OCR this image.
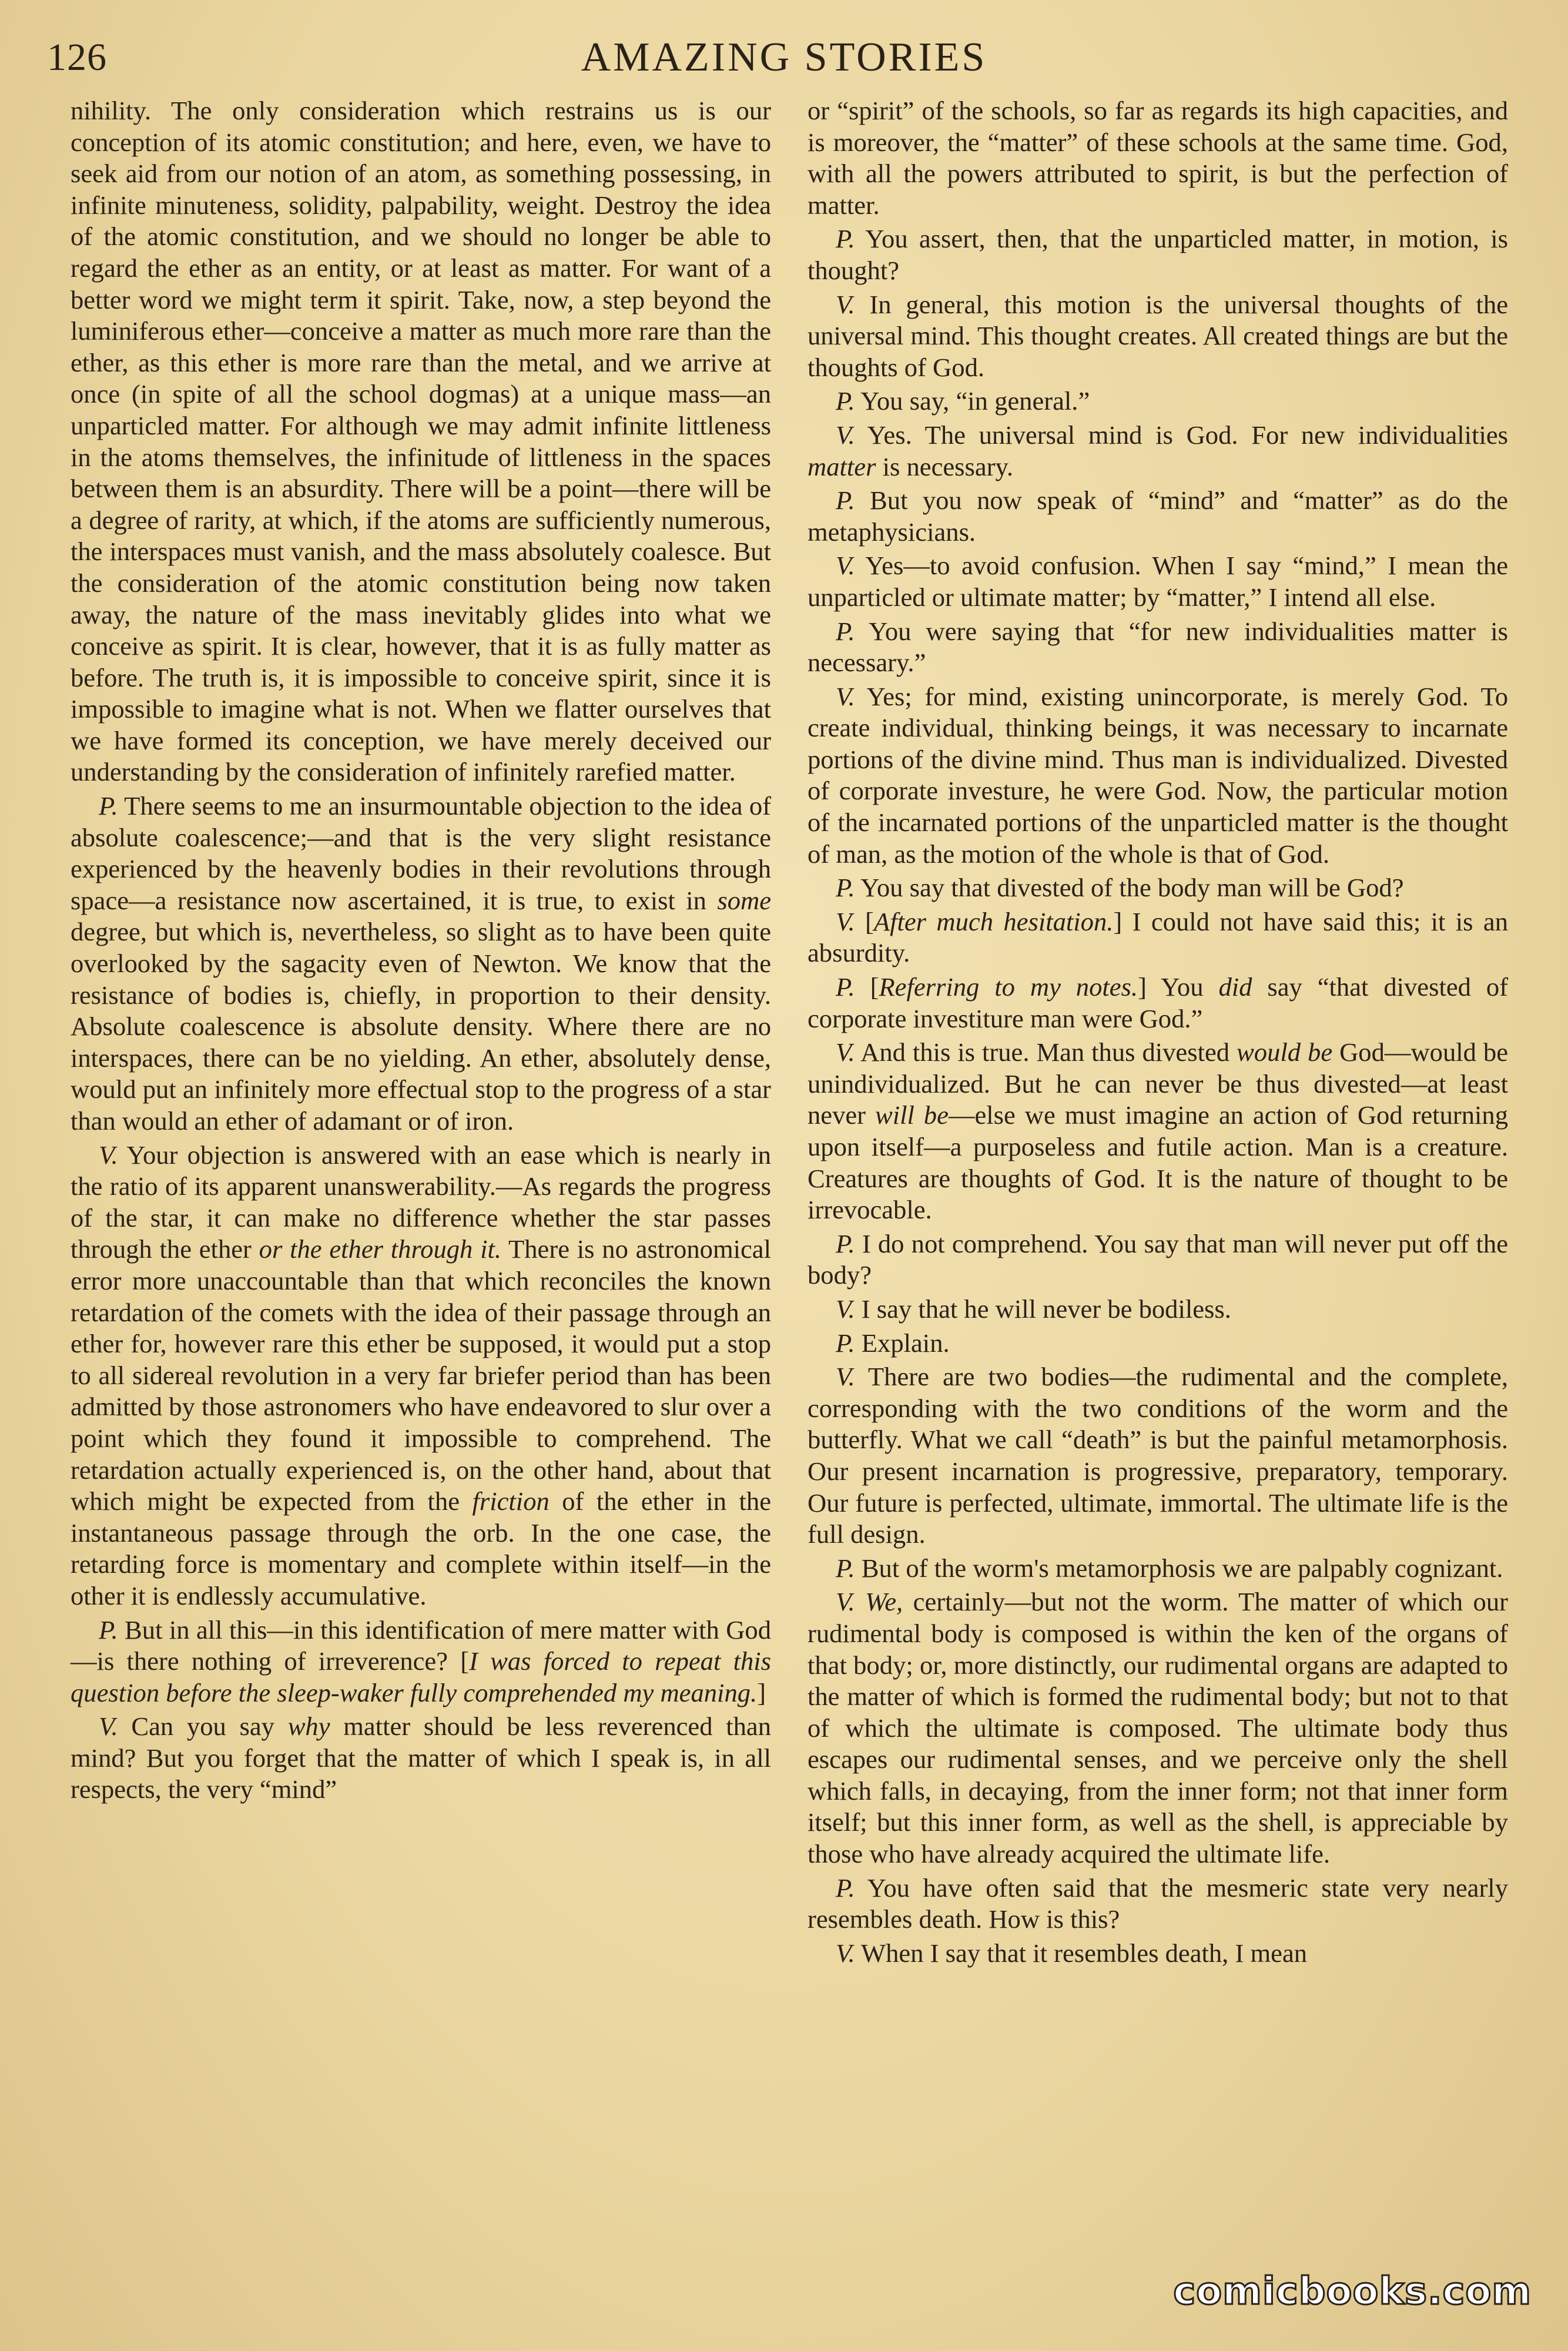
126	AMAZING STORIES

nihility. The only consideration which restrains us is our conception of its atomic constitution; and here, even, we have to seek aid from our notion of an atom, as something possessing, in infinite minuteness, solidity, palpability, weight. Destroy the idea of the atomic constitution, and we should no longer be able to regard the ether as an entity, or at least as matter. For want of a better word we might term it spirit. Take, now, a step beyond the luminiferous ether—conceive a matter as much more rare than the ether, as this ether is more rare than the metal, and we arrive at once (in spite of all the school dogmas) at a unique mass—an unparticled matter. For although we may admit infinite littleness in the atoms themselves, the infinitude of littleness in the spaces between them is an absurdity. There will be a point—there will be a degree of rarity, at which, if the atoms are sufficiently numerous, the interspaces must vanish, and the mass absolutely coalesce. But the consideration of the atomic constitution being now taken away, the nature of the mass inevitably glides into what we conceive as spirit. It is clear, however, that it is as fully matter as before. The truth is, it is impossible to conceive spirit, since it is impossible to imagine what is not. When we flatter ourselves that we have formed its conception, we have merely deceived our understanding by the consideration of infinitely rarefied matter.

P. There seems to me an insurmountable objection to the idea of absolute coalescence;—and that is the very slight resistance experienced by the heavenly bodies in their revolutions through space—a resistance now ascertained, it is true, to exist in some degree, but which is, nevertheless, so slight as to have been quite overlooked by the sagacity even of Newton. We know that the resistance of bodies is, chiefly, in proportion to their density. Absolute coalescence is absolute density. Where there are no interspaces, there can be no yielding. An ether, absolutely dense, would put an infinitely more effectual stop to the progress of a star than would an ether of adamant or of iron.

V. Your objection is answered with an ease which is nearly in the ratio of its apparent unanswerability.—As regards the progress of the star, it can make no difference whether the star passes through the ether or the ether through it. There is no astronomical error more unaccountable than that which reconciles the known retardation of the comets with the idea of their passage through an ether for, however rare this ether be supposed, it would put a stop to all sidereal revolution in a very far briefer period than has been admitted by those astronomers who have endeavored to slur over a point which they found it impossible to comprehend. The retardation actually experienced is, on the other hand, about that which might be expected from the friction of the ether in the instantaneous passage through the orb. In the one case, the retarding force is momentary and complete within itself—in the other it is endlessly accumulative.

P. But in all this—in this identification of mere matter with God—is there nothing of irreverence? [I was forced to repeat this question before the sleep-waker fully comprehended my meaning.]

V. Can you say why matter should be less reverenced than mind? But you forget that the matter of which I speak is, in all respects, the very “mind”

or “spirit” of the schools, so far as regards its high capacities, and is moreover, the “matter” of these schools at the same time. God, with all the powers attributed to spirit, is but the perfection of matter.

P. You assert, then, that the unparticled matter, in motion, is thought?

V. In general, this motion is the universal thoughts of the universal mind. This thought creates. All created things are but the thoughts of God.

P. You say, “in general.”

V. Yes. The universal mind is God. For new individualities matter is necessary.

P. But you now speak of “mind” and “matter” as do the metaphysicians.

V. Yes—to avoid confusion. When I say “mind,” I mean the unparticled or ultimate matter; by “matter,” I intend all else.

P. You were saying that “for new individualities matter is necessary.”

V. Yes; for mind, existing unincorporate, is merely God. To create individual, thinking beings, it was necessary to incarnate portions of the divine mind. Thus man is individualized. Divested of corporate investure, he were God. Now, the particular motion of the incarnated portions of the unparticled matter is the thought of man, as the motion of the whole is that of God.

P. You say that divested of the body man will be God?

V. [After much hesitation.] I could not have said this; it is an absurdity.

P. [Referring to my notes.] You did say “that divested of corporate investiture man were God.”

V. And this is true. Man thus divested would be God—would be unindividualized. But he can never be thus divested—at least never will be—else we must imagine an action of God returning upon itself—a purposeless and futile action. Man is a creature. Creatures are thoughts of God. It is the nature of thought to be irrevocable.

P. I do not comprehend. You say that man will never put off the body?

V. I say that he will never be bodiless.

P. Explain.

V. There are two bodies—the rudimental and the complete, corresponding with the two conditions of the worm and the butterfly. What we call “death” is but the painful metamorphosis. Our present incarnation is progressive, preparatory, temporary. Our future is perfected, ultimate, immortal. The ultimate life is the full design.

P. But of the worm's metamorphosis we are palpably cognizant.

V. We, certainly—but not the worm. The matter of which our rudimental body is composed is within the ken of the organs of that body; or, more distinctly, our rudimental organs are adapted to the matter of which is formed the rudimental body; but not to that of which the ultimate is composed. The ultimate body thus escapes our rudimental senses, and we perceive only the shell which falls, in decaying, from the inner form; not that inner form itself; but this inner form, as well as the shell, is appreciable by those who have already acquired the ultimate life.

P. You have often said that the mesmeric state very nearly resembles death. How is this?

V. When I say that it resembles death, I mean

comicbooks.com
